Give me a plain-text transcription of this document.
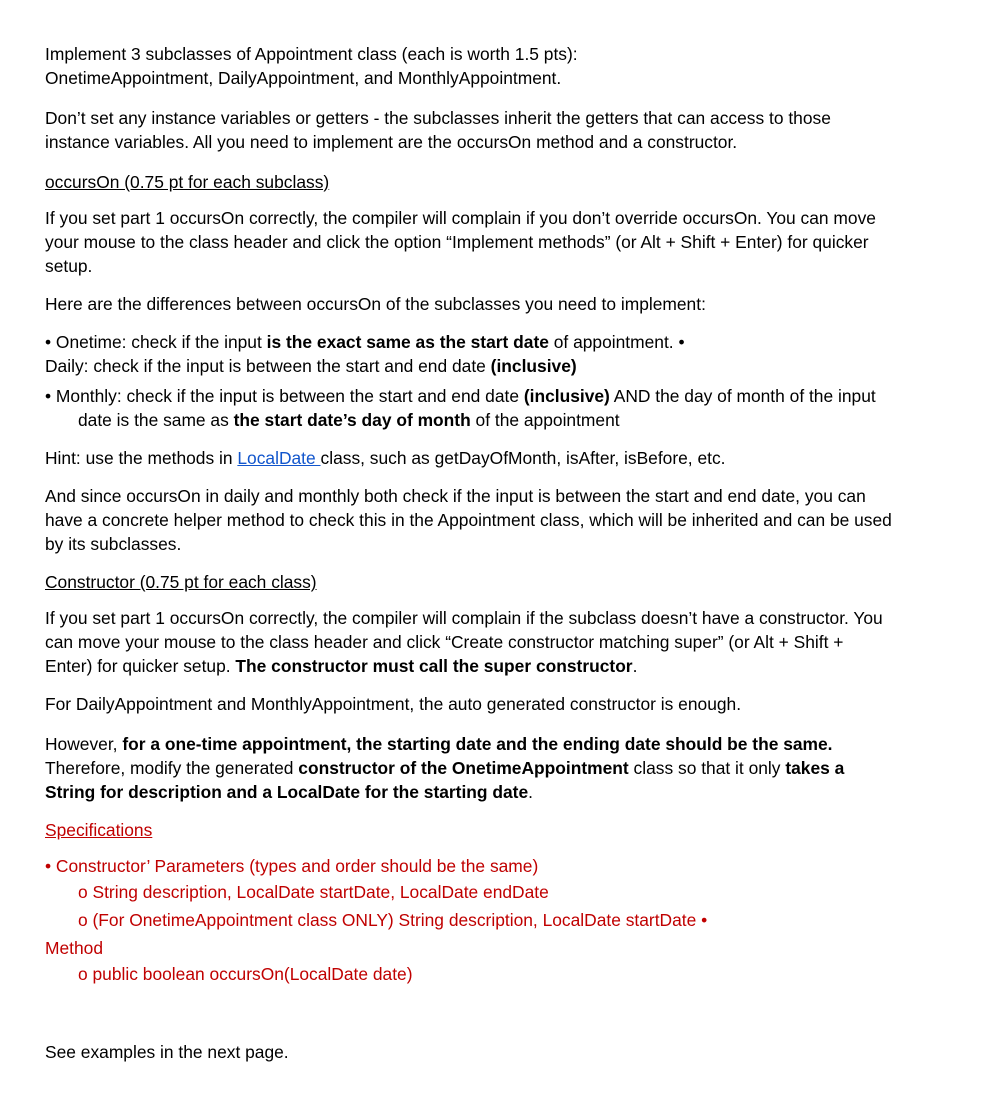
Implement 3 subclasses of Appointment class (each is worth 1.5 pts):

OnetimeAppointment, DailyAppointment, and MonthlyAppointment.

Don’t set any instance variables or getters - the subclasses inherit the getters that can access to those

instance variables. All you need to implement are the occursOn method and a constructor.

occursOn (0.75 pt for each subclass)

If you set part 1 occursOn correctly, the compiler will complain if you don’t override occursOn. You can move

your mouse to the class header and click the option “Implement methods” (or Alt + Shift + Enter) for quicker

setup.

Here are the differences between occursOn of the subclasses you need to implement:

• Onetime: check if the input is the exact same as the start date of appointment. •

Daily: check if the input is between the start and end date (inclusive)

• Monthly: check if the input is between the start and end date (inclusive) AND the day of month of the input

date is the same as the start date’s day of month of the appointment

Hint: use the methods in LocalDate class, such as getDayOfMonth, isAfter, isBefore, etc.

And since occursOn in daily and monthly both check if the input is between the start and end date, you can

have a concrete helper method to check this in the Appointment class, which will be inherited and can be used

by its subclasses.

Constructor (0.75 pt for each class)

If you set part 1 occursOn correctly, the compiler will complain if the subclass doesn’t have a constructor. You

can move your mouse to the class header and click “Create constructor matching super” (or Alt + Shift +

Enter) for quicker setup. The constructor must call the super constructor.

For DailyAppointment and MonthlyAppointment, the auto generated constructor is enough.

However, for a one-time appointment, the starting date and the ending date should be the same.

Therefore, modify the generated constructor of the OnetimeAppointment class so that it only takes a

String for description and a LocalDate for the starting date.

Specifications

• Constructor’ Parameters (types and order should be the same)

o String description, LocalDate startDate, LocalDate endDate

o (For OnetimeAppointment class ONLY) String description, LocalDate startDate •

Method

o public boolean occursOn(LocalDate date)

See examples in the next page.
